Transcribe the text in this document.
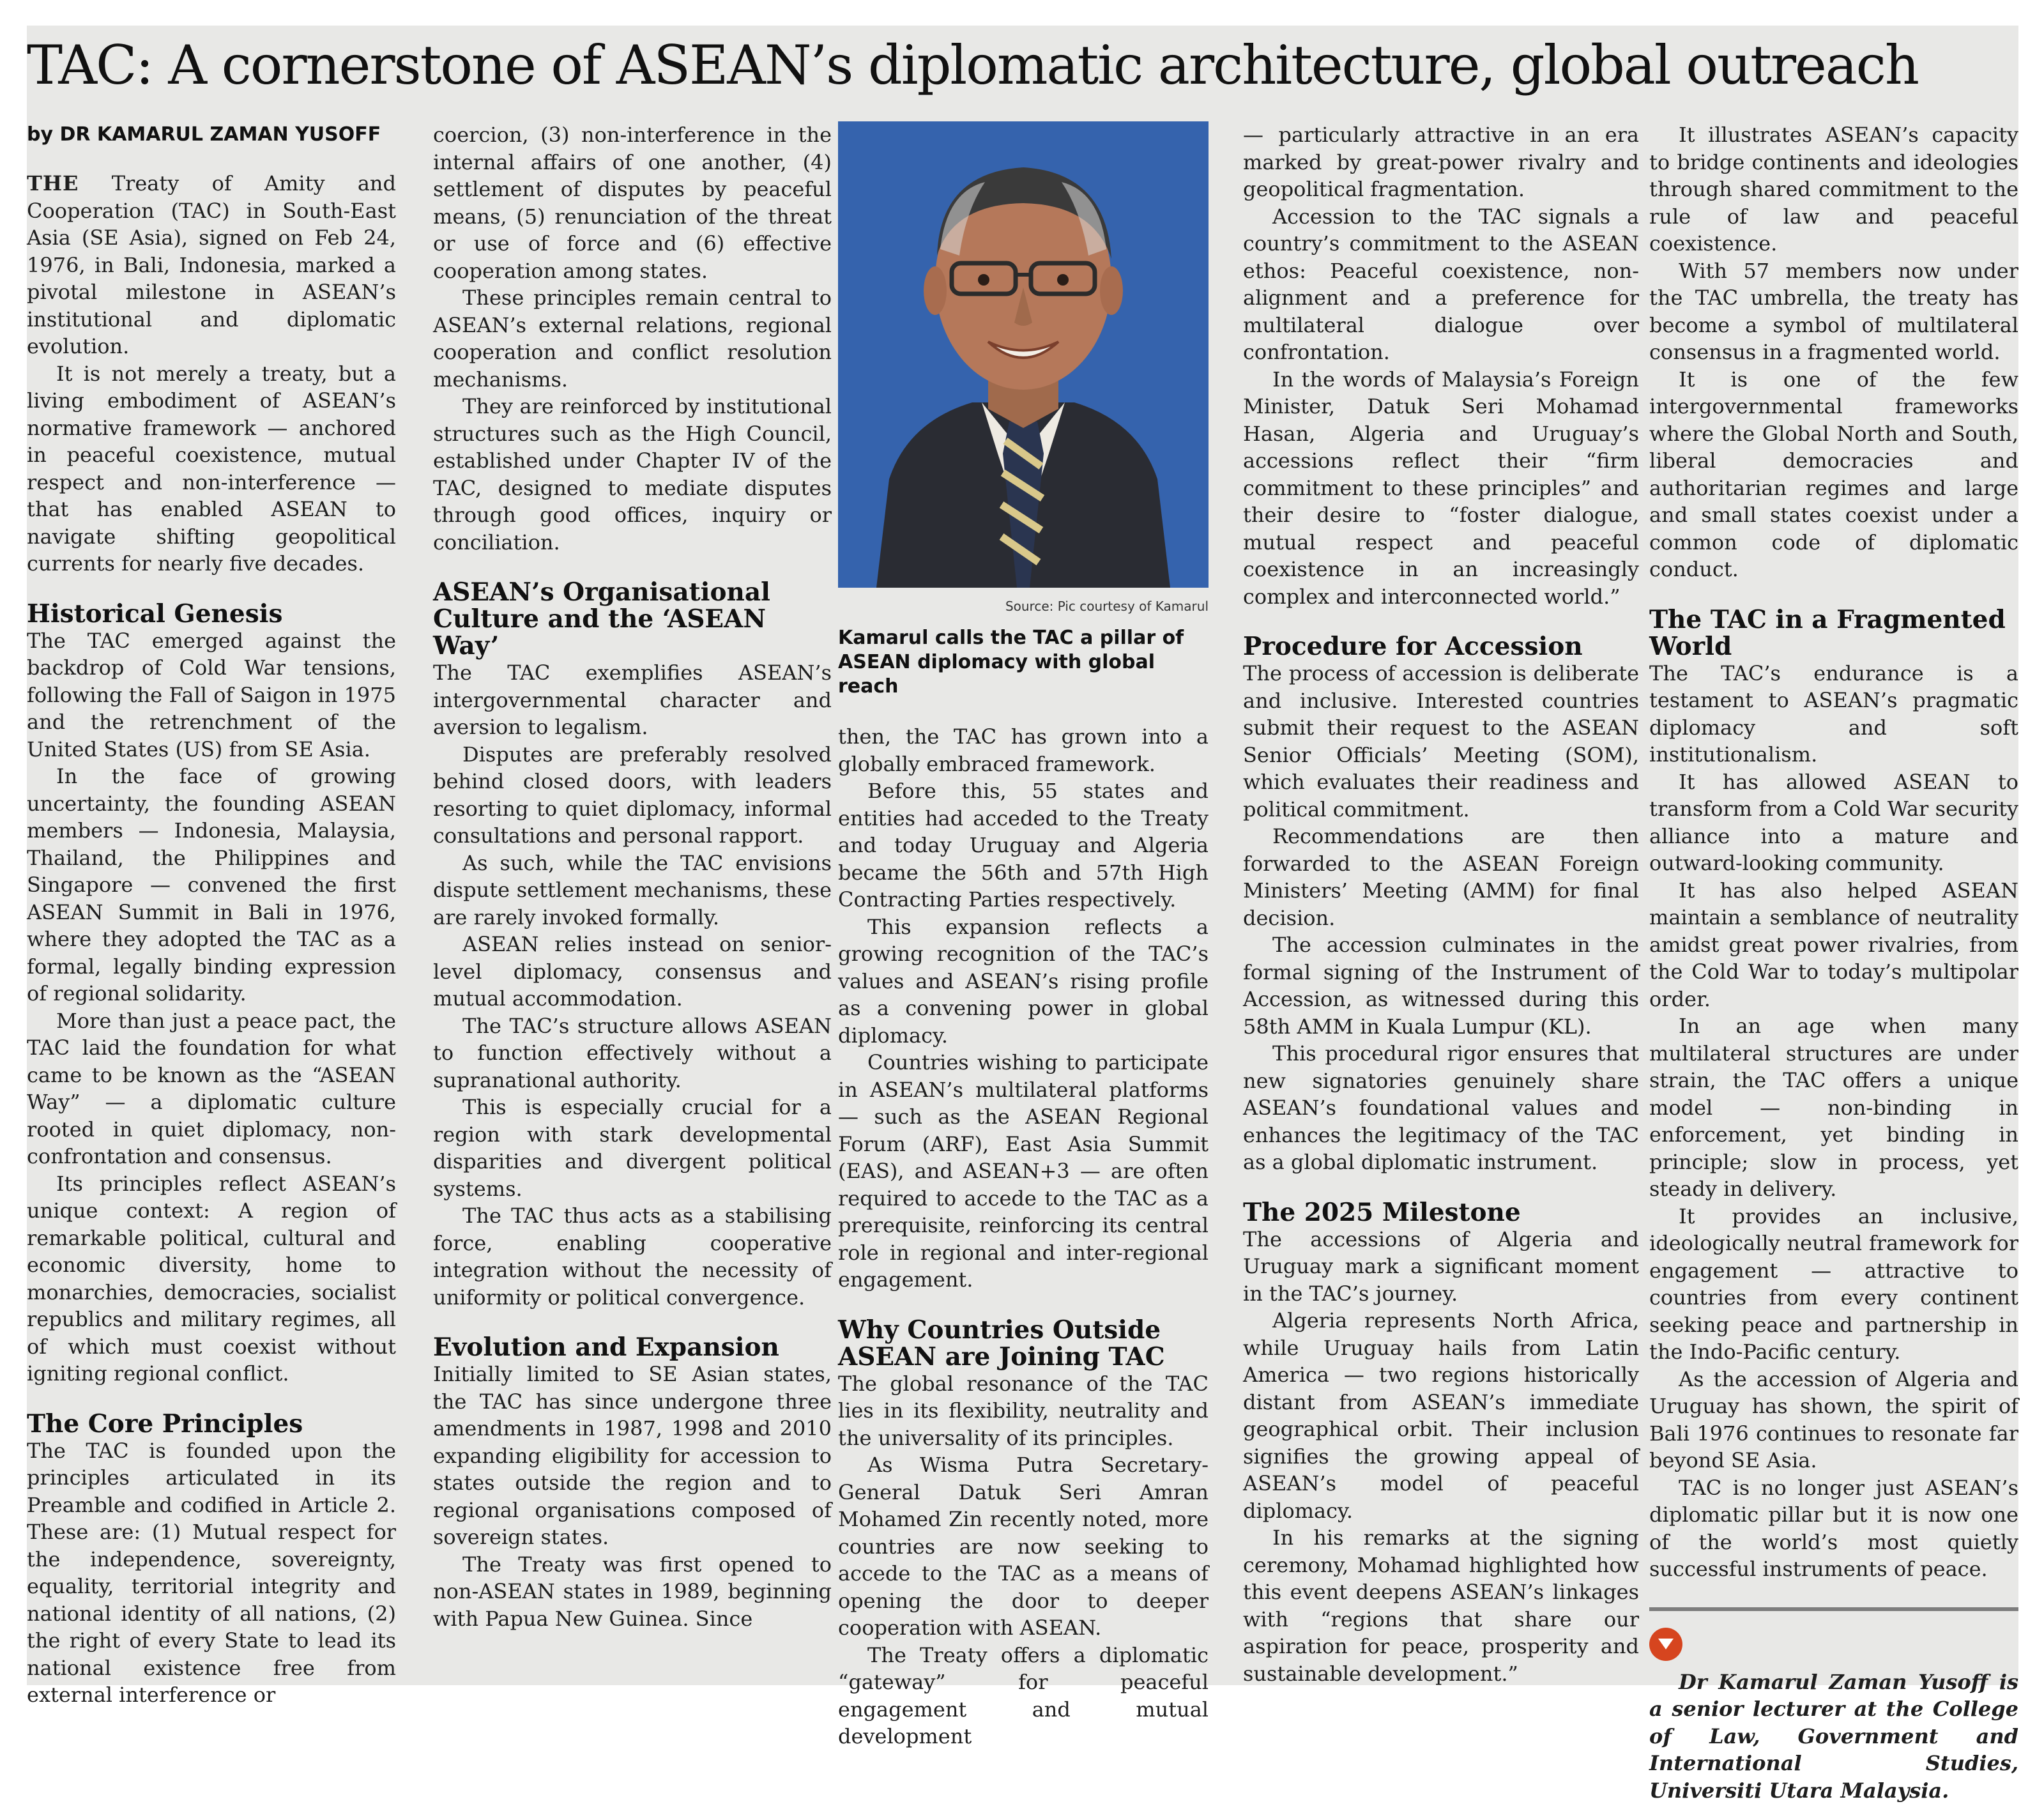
TAC: A cornerstone of ASEAN’s diplomatic architecture, global outreach
by DR KAMARUL ZAMAN YUSOFF

THE Treaty of Amity and Cooperation (TAC) in South-East Asia (SE Asia), signed on Feb 24, 1976, in Bali, Indonesia, marked a pivotal milestone in ASEAN’s institutional and diplomatic evolution.

It is not merely a treaty, but a living embodiment of ASEAN’s normative framework — anchored in peaceful coexistence, mutual respect and non-interference — that has enabled ASEAN to navigate shifting geopolitical currents for nearly five decades.

Historical Genesis

The TAC emerged against the backdrop of Cold War tensions, following the Fall of Saigon in 1975 and the retrenchment of the United States (US) from SE Asia.

In the face of growing uncertainty, the founding ASEAN members — Indonesia, Malaysia, Thailand, the Philippines and Singapore — convened the first ASEAN Summit in Bali in 1976, where they adopted the TAC as a formal, legally binding expression of regional solidarity.

More than just a peace pact, the TAC laid the foundation for what came to be known as the “ASEAN Way” — a diplomatic culture rooted in quiet diplomacy, non-confrontation and consensus.

Its principles reflect ASEAN’s unique context: A region of remarkable political, cultural and economic diversity, home to monarchies, democracies, socialist republics and military regimes, all of which must coexist without igniting regional conflict.

The Core Principles

The TAC is founded upon the principles articulated in its Preamble and codified in Article 2. These are: (1) Mutual respect for the independence, sovereignty, equality, territorial integrity and national identity of all nations, (2) the right of every State to lead its national existence free from external interference or

coercion, (3) non-interference in the internal affairs of one another, (4) settlement of disputes by peaceful means, (5) renunciation of the threat or use of force and (6) effective cooperation among states.

These principles remain central to ASEAN’s external relations, regional cooperation and conflict resolution mechanisms.

They are reinforced by institutional structures such as the High Council, established under Chapter IV of the TAC, designed to mediate disputes through good offices, inquiry or conciliation.

ASEAN’s Organisational Culture and the ‘ASEAN Way’

The TAC exemplifies ASEAN’s intergovernmental character and aversion to legalism.

Disputes are preferably resolved behind closed doors, with leaders resorting to quiet diplomacy, informal consultations and personal rapport.

As such, while the TAC envisions dispute settlement mechanisms, these are rarely invoked formally.

ASEAN relies instead on senior-level diplomacy, consensus and mutual accommodation.

The TAC’s structure allows ASEAN to function effectively without a supranational authority.

This is especially crucial for a region with stark developmental disparities and divergent political systems.

The TAC thus acts as a stabilising force, enabling cooperative integration without the necessity of uniformity or political convergence.

Evolution and Expansion

Initially limited to SE Asian states, the TAC has since undergone three amendments in 1987, 1998 and 2010 expanding eligibility for accession to states outside the region and to regional organisations composed of sovereign states.

The Treaty was first opened to non-ASEAN states in 1989, beginning with Papua New Guinea. Since

Source: Pic courtesy of Kamarul
Kamarul calls the TAC a pillar of ASEAN diplomacy with global reach

then, the TAC has grown into a globally embraced framework.

Before this, 55 states and entities had acceded to the Treaty and today Uruguay and Algeria became the 56th and 57th High Contracting Parties respectively.

This expansion reflects a growing recognition of the TAC’s values and ASEAN’s rising profile as a convening power in global diplomacy.

Countries wishing to participate in ASEAN’s multilateral platforms — such as the ASEAN Regional Forum (ARF), East Asia Summit (EAS), and ASEAN+3 — are often required to accede to the TAC as a prerequisite, reinforcing its central role in regional and inter-regional engagement.

Why Countries Outside ASEAN are Joining TAC

The global resonance of the TAC lies in its flexibility, neutrality and the universality of its principles.

As Wisma Putra Secretary-General Datuk Seri Amran Mohamed Zin recently noted, more countries are now seeking to accede to the TAC as a means of opening the door to deeper cooperation with ASEAN.

The Treaty offers a diplomatic “gateway” for peaceful engagement and mutual development

— particularly attractive in an era marked by great-power rivalry and geopolitical fragmentation.

Accession to the TAC signals a country’s commitment to the ASEAN ethos: Peaceful coexistence, non-alignment and a preference for multilateral dialogue over confrontation.

In the words of Malaysia’s Foreign Minister, Datuk Seri Mohamad Hasan, Algeria and Uruguay’s accessions reflect their “firm commitment to these principles” and their desire to “foster dialogue, mutual respect and peaceful coexistence in an increasingly complex and interconnected world.”

Procedure for Accession

The process of accession is deliberate and inclusive. Interested countries submit their request to the ASEAN Senior Officials’ Meeting (SOM), which evaluates their readiness and political commitment.

Recommendations are then forwarded to the ASEAN Foreign Ministers’ Meeting (AMM) for final decision.

The accession culminates in the formal signing of the Instrument of Accession, as witnessed during this 58th AMM in Kuala Lumpur (KL).

This procedural rigor ensures that new signatories genuinely share ASEAN’s foundational values and enhances the legitimacy of the TAC as a global diplomatic instrument.

The 2025 Milestone

The accessions of Algeria and Uruguay mark a significant moment in the TAC’s journey.

Algeria represents North Africa, while Uruguay hails from Latin America — two regions historically distant from ASEAN’s immediate geographical orbit. Their inclusion signifies the growing appeal of ASEAN’s model of peaceful diplomacy.

In his remarks at the signing ceremony, Mohamad highlighted how this event deepens ASEAN’s linkages with “regions that share our aspiration for peace, prosperity and sustainable development.”

It illustrates ASEAN’s capacity to bridge continents and ideologies through shared commitment to the rule of law and peaceful coexistence.

With 57 members now under the TAC umbrella, the treaty has become a symbol of multilateral consensus in a fragmented world.

It is one of the few intergovernmental frameworks where the Global North and South, liberal democracies and authoritarian regimes and large and small states coexist under a common code of diplomatic conduct.

The TAC in a Fragmented World

The TAC’s endurance is a testament to ASEAN’s pragmatic diplomacy and soft institutionalism.

It has allowed ASEAN to transform from a Cold War security alliance into a mature and outward-looking community.

It has also helped ASEAN maintain a semblance of neutrality amidst great power rivalries, from the Cold War to today’s multipolar order.

In an age when many multilateral structures are under strain, the TAC offers a unique model — non-binding in enforcement, yet binding in principle; slow in process, yet steady in delivery.

It provides an inclusive, ideologically neutral framework for engagement — attractive to countries from every continent seeking peace and partnership in the Indo-Pacific century.

As the accession of Algeria and Uruguay has shown, the spirit of Bali 1976 continues to resonate far beyond SE Asia.

TAC is no longer just ASEAN’s diplomatic pillar but it is now one of the world’s most quietly successful instruments of peace.

Dr Kamarul Zaman Yusoff is a senior lecturer at the College of Law, Government and International Studies, Universiti Utara Malaysia.
